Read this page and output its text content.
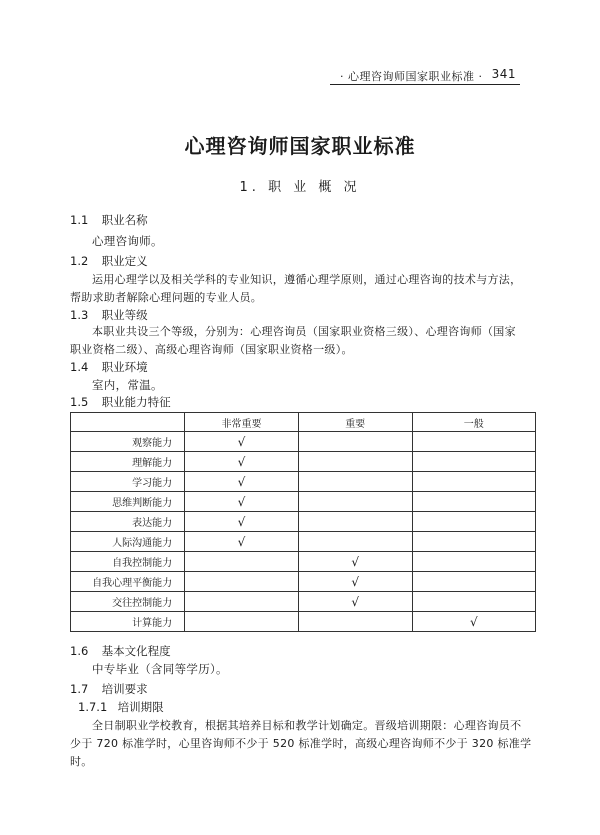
· 心理咨询师国家职业标准 · 341
心理咨询师国家职业标准
1. 职 业 概 况
1.1 职业名称
心理咨询师。
1.2 职业定义
运用心理学以及相关学科的专业知识，遵循心理学原则，通过心理咨询的技术与方法，
帮助求助者解除心理问题的专业人员。
1.3 职业等级
本职业共设三个等级，分别为：心理咨询员（国家职业资格三级）、心理咨询师（国家
职业资格二级）、高级心理咨询师（国家职业资格一级）。
1.4 职业环境
室内，常温。
1.5 职业能力特征
	非常重要	重要	一般
观察能力	√		
理解能力	√		
学习能力	√		
思维判断能力	√		
表达能力	√		
人际沟通能力	√		
自我控制能力		√	
自我心理平衡能力		√	
交往控制能力		√	
计算能力			√
1.6 基本文化程度
中专毕业（含同等学历）。
1.7 培训要求
1.7.1 培训期限
全日制职业学校教育，根据其培养目标和教学计划确定。晋级培训期限：心理咨询员不
少于 720 标准学时，心里咨询师不少于 520 标准学时，高级心理咨询师不少于 320 标准学
时。
